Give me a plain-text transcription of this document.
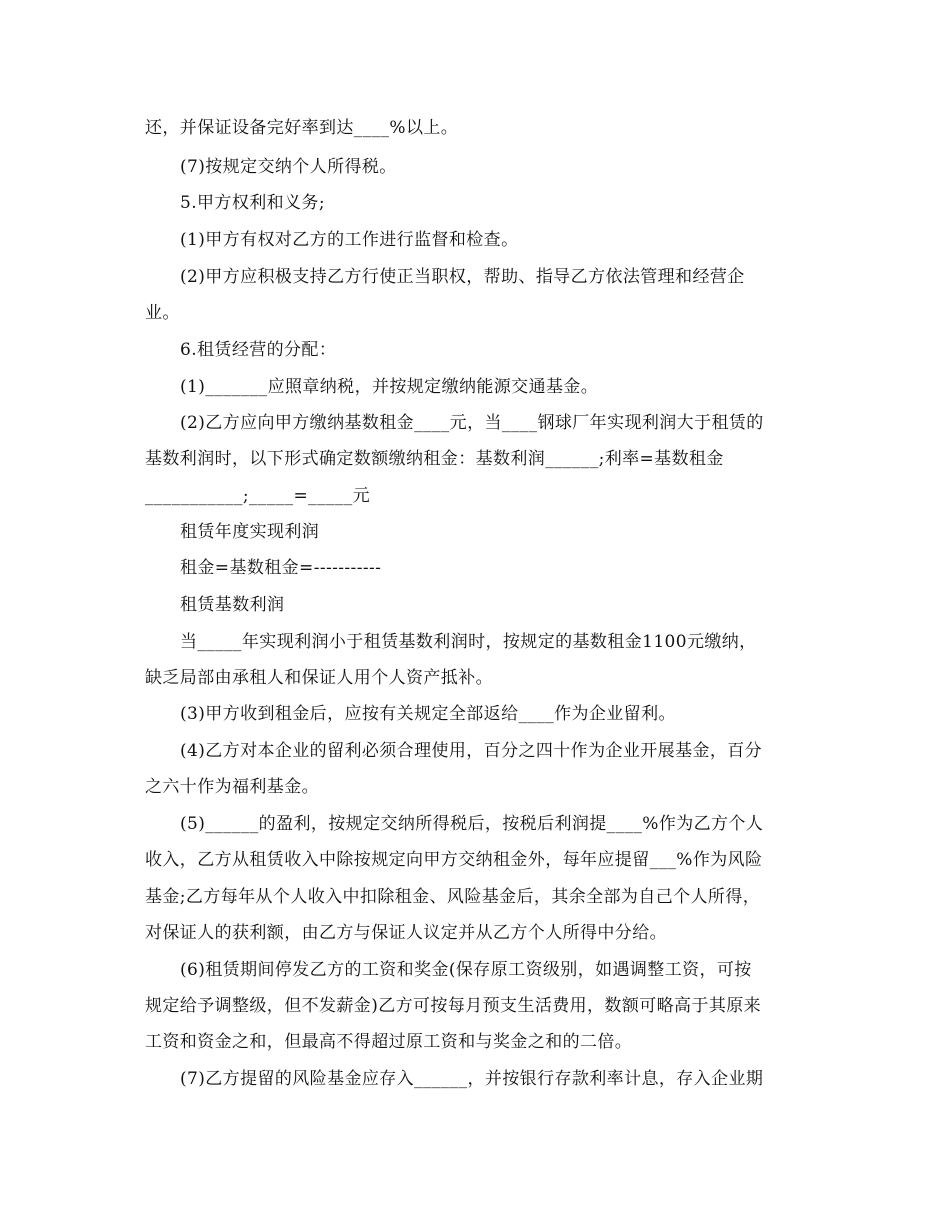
还，并保证设备完好率到达____%以上。
(7)按规定交纳个人所得税。
5.甲方权利和义务;
(1)甲方有权对乙方的工作进行监督和检查。
(2)甲方应积极支持乙方行使正当职权，帮助、指导乙方依法管理和经营企
业。
6.租赁经营的分配：
(1)_______应照章纳税，并按规定缴纳能源交通基金。
(2)乙方应向甲方缴纳基数租金____元，当____钢球厂年实现利润大于租赁的
基数利润时，以下形式确定数额缴纳租金：基数利润______;利率=基数租金
___________;_____=_____元
租赁年度实现利润
租金=基数租金=-----------
租赁基数利润
当_____年实现利润小于租赁基数利润时，按规定的基数租金1100元缴纳，
缺乏局部由承租人和保证人用个人资产抵补。
(3)甲方收到租金后，应按有关规定全部返给____作为企业留利。
(4)乙方对本企业的留利必须合理使用，百分之四十作为企业开展基金，百分
之六十作为福利基金。
(5)______的盈利，按规定交纳所得税后，按税后利润提____%作为乙方个人
收入，乙方从租赁收入中除按规定向甲方交纳租金外，每年应提留___%作为风险
基金;乙方每年从个人收入中扣除租金、风险基金后，其余全部为自己个人所得，
对保证人的获利额，由乙方与保证人议定并从乙方个人所得中分给。
(6)租赁期间停发乙方的工资和奖金(保存原工资级别，如遇调整工资，可按
规定给予调整级，但不发薪金)乙方可按每月预支生活费用，数额可略高于其原来
工资和资金之和，但最高不得超过原工资和与奖金之和的二倍。
(7)乙方提留的风险基金应存入______，并按银行存款利率计息，存入企业期
